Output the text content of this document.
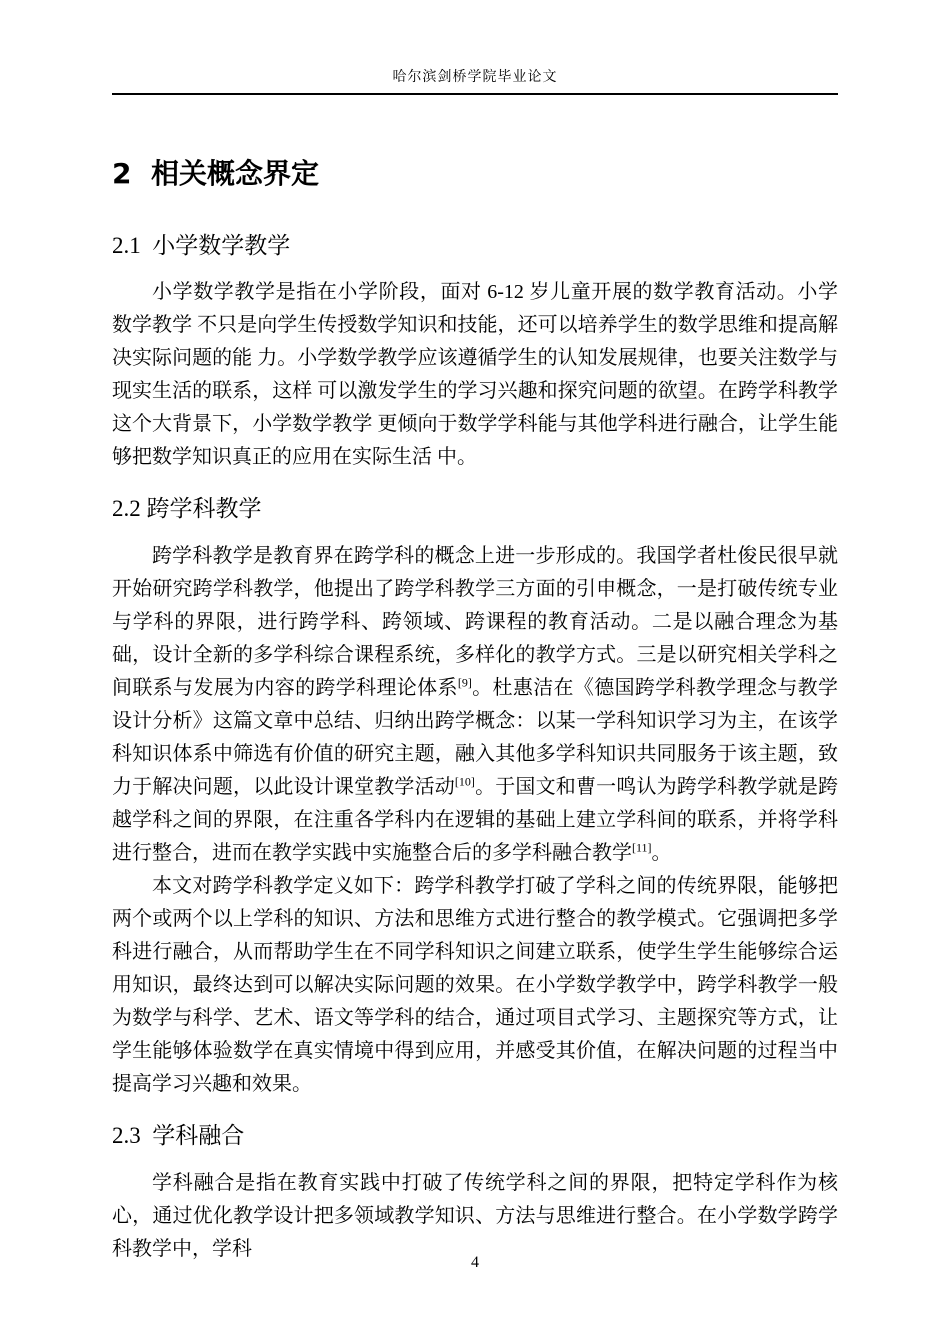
哈尔滨剑桥学院毕业论文
2  相关概念界定
2.1  小学数学教学

小学数学教学是指在小学阶段，面对 6-12 岁儿童开展的数学教育活动。小学数学教学 不只是向学生传授数学知识和技能，还可以培养学生的数学思维和提高解决实际问题的能 力。小学数学教学应该遵循学生的认知发展规律，也要关注数学与现实生活的联系，这样 可以激发学生的学习兴趣和探究问题的欲望。在跨学科教学这个大背景下，小学数学教学 更倾向于数学学科能与其他学科进行融合，让学生能够把数学知识真正的应用在实际生活 中。

2.2 跨学科教学

跨学科教学是教育界在跨学科的概念上进一步形成的。我国学者杜俊民很早就开始研究跨学科教学，他提出了跨学科教学三方面的引申概念，一是打破传统专业与学科的界限，进行跨学科、跨领域、跨课程的教育活动。二是以融合理念为基础，设计全新的多学科综合课程系统，多样化的教学方式。三是以研究相关学科之间联系与发展为内容的跨学科理论体系[9]。杜惠洁在《德国跨学科教学理念与教学设计分析》这篇文章中总结、归纳出跨学概念：以某一学科知识学习为主，在该学科知识体系中筛选有价值的研究主题，融入其他多学科知识共同服务于该主题，致力于解决问题，以此设计课堂教学活动[10]。于国文和曹一鸣认为跨学科教学就是跨越学科之间的界限，在注重各学科内在逻辑的基础上建立学科间的联系，并将学科进行整合，进而在教学实践中实施整合后的多学科融合教学[11]。

本文对跨学科教学定义如下：跨学科教学打破了学科之间的传统界限，能够把两个或两个以上学科的知识、方法和思维方式进行整合的教学模式。它强调把多学科进行融合，从而帮助学生在不同学科知识之间建立联系，使学生学生能够综合运用知识，最终达到可以解决实际问题的效果。在小学数学教学中，跨学科教学一般为数学与科学、艺术、语文等学科的结合，通过项目式学习、主题探究等方式，让学生能够体验数学在真实情境中得到应用，并感受其价值，在解决问题的过程当中提高学习兴趣和效果。

2.3  学科融合

学科融合是指在教育实践中打破了传统学科之间的界限，把特定学科作为核心，通过优化教学设计把多领域教学知识、方法与思维进行整合。在小学数学跨学科教学中，学科

4
